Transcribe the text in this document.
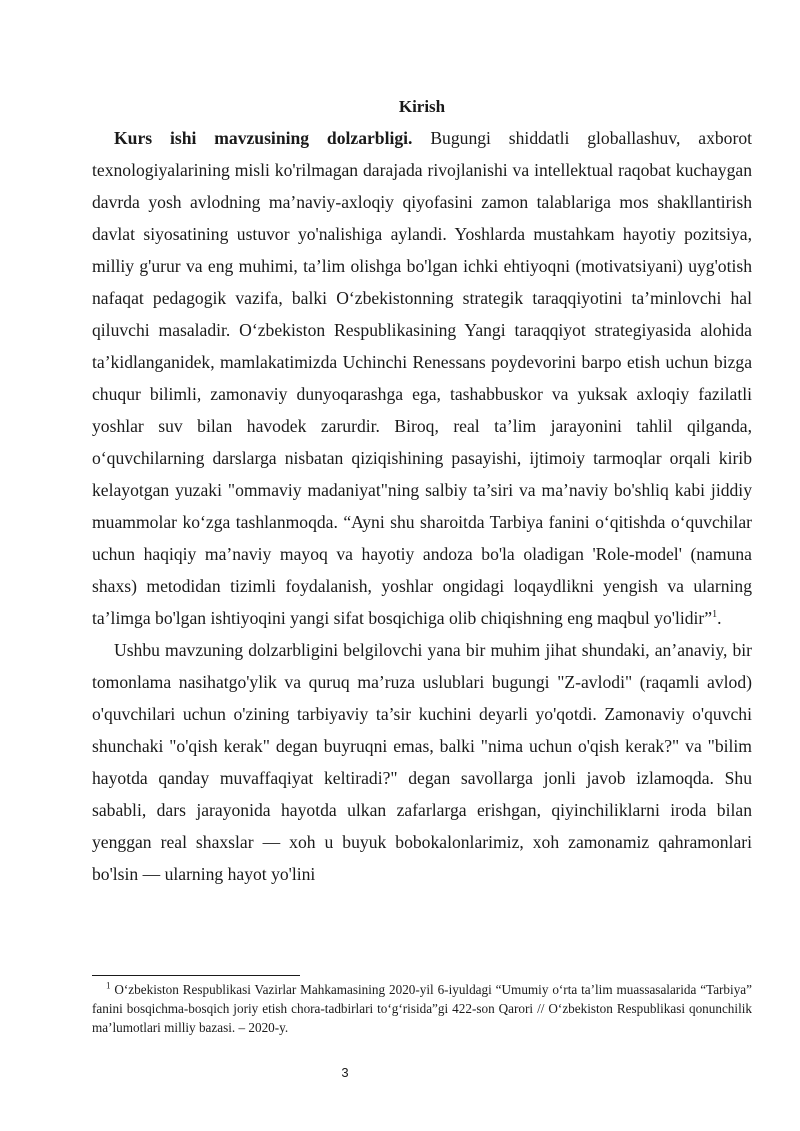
Kirish

Kurs ishi mavzusining dolzarbligi. Bugungi shiddatli globallashuv, axborot texnologiyalarining misli ko'rilmagan darajada rivojlanishi va intellektual raqobat kuchaygan davrda yosh avlodning ma’naviy-axloqiy qiyofasini zamon talablariga mos shakllantirish davlat siyosatining ustuvor yo'nalishiga aylandi. Yoshlarda mustahkam hayotiy pozitsiya, milliy g'urur va eng muhimi, ta’lim olishga bo'lgan ichki ehtiyoqni (motivatsiyani) uyg'otish nafaqat pedagogik vazifa, balki O‘zbekistonning strategik taraqqiyotini ta’minlovchi hal qiluvchi masaladir. O‘zbekiston Respublikasining Yangi taraqqiyot strategiyasida alohida ta’kidlanganidek, mamlakatimizda Uchinchi Renessans poydevorini barpo etish uchun bizga chuqur bilimli, zamonaviy dunyoqarashga ega, tashabbuskor va yuksak axloqiy fazilatli yoshlar suv bilan havodek zarurdir. Biroq, real ta’lim jarayonini tahlil qilganda, o‘quvchilarning darslarga nisbatan qiziqishining pasayishi, ijtimoiy tarmoqlar orqali kirib kelayotgan yuzaki "ommaviy madaniyat"ning salbiy ta’siri va ma’naviy bo'shliq kabi jiddiy muammolar ko‘zga tashlanmoqda. “Ayni shu sharoitda Tarbiya fanini o‘qitishda o‘quvchilar uchun haqiqiy ma’naviy mayoq va hayotiy andoza bo'la oladigan 'Role-model' (namuna shaxs) metodidan tizimli foydalanish, yoshlar ongidagi loqaydlikni yengish va ularning ta’limga bo'lgan ishtiyoqini yangi sifat bosqichiga olib chiqishning eng maqbul yo'lidir”$^1$.

Ushbu mavzuning dolzarbligini belgilovchi yana bir muhim jihat shundaki, an’anaviy, bir tomonlama nasihatgo'ylik va quruq ma’ruza uslublari bugungi "Z-avlodi" (raqamli avlod) o'quvchilari uchun o'zining tarbiyaviy ta’sir kuchini deyarli yo'qotdi. Zamonaviy o'quvchi shunchaki "o'qish kerak" degan buyruqni emas, balki "nima uchun o'qish kerak?" va "bilim hayotda qanday muvaffaqiyat keltiradi?" degan savollarga jonli javob izlamoqda. Shu sababli, dars jarayonida hayotda ulkan zafarlarga erishgan, qiyinchiliklarni iroda bilan yenggan real shaxslar — xoh u buyuk bobokalonlarimiz, xoh zamonamiz qahramonlari bo'lsin — ularning hayot yo'lini

$^1$ O‘zbekiston Respublikasi Vazirlar Mahkamasining 2020-yil 6-iyuldagi “Umumiy o‘rta ta’lim muassasalarida “Tarbiya” fanini bosqichma-bosqich joriy etish chora-tadbirlari to‘g‘risida”gi 422-son Qarori // O‘zbekiston Respublikasi qonunchilik ma’lumotlari milliy bazasi. – 2020-y.

3
